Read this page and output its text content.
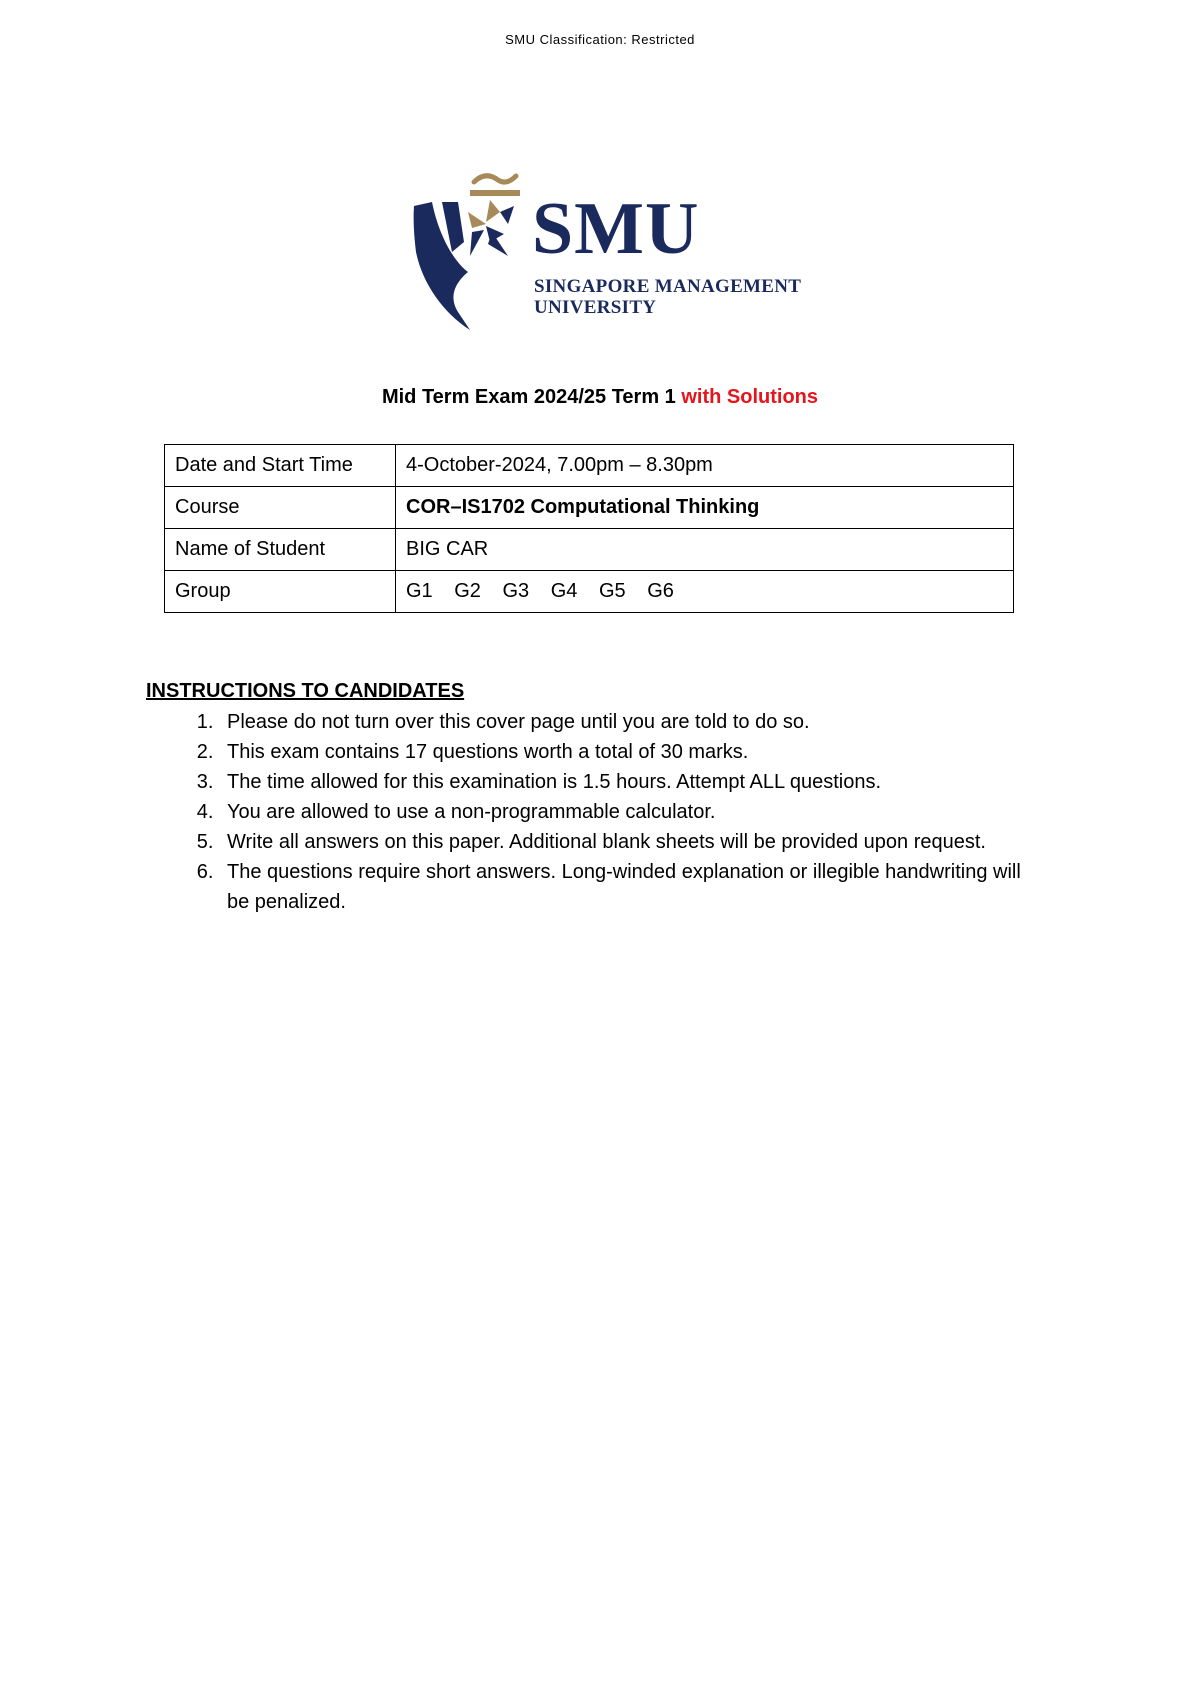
SMU Classification: Restricted
SMU
SINGAPORE MANAGEMENT
UNIVERSITY
Mid Term Exam 2024/25 Term 1 with Solutions
Date and Start Time	4-October-2024, 7.00pm – 8.30pm
Course	COR–IS1702 Computational Thinking
Name of Student	BIG CAR
Group	G1 G2 G3 G4 G5 G6
INSTRUCTIONS TO CANDIDATES
1. Please do not turn over this cover page until you are told to do so.
2. This exam contains 17 questions worth a total of 30 marks.
3. The time allowed for this examination is 1.5 hours. Attempt ALL questions.
4. You are allowed to use a non-programmable calculator.
5. Write all answers on this paper. Additional blank sheets will be provided upon request.
6. The questions require short answers. Long-winded explanation or illegible handwriting will be penalized.
